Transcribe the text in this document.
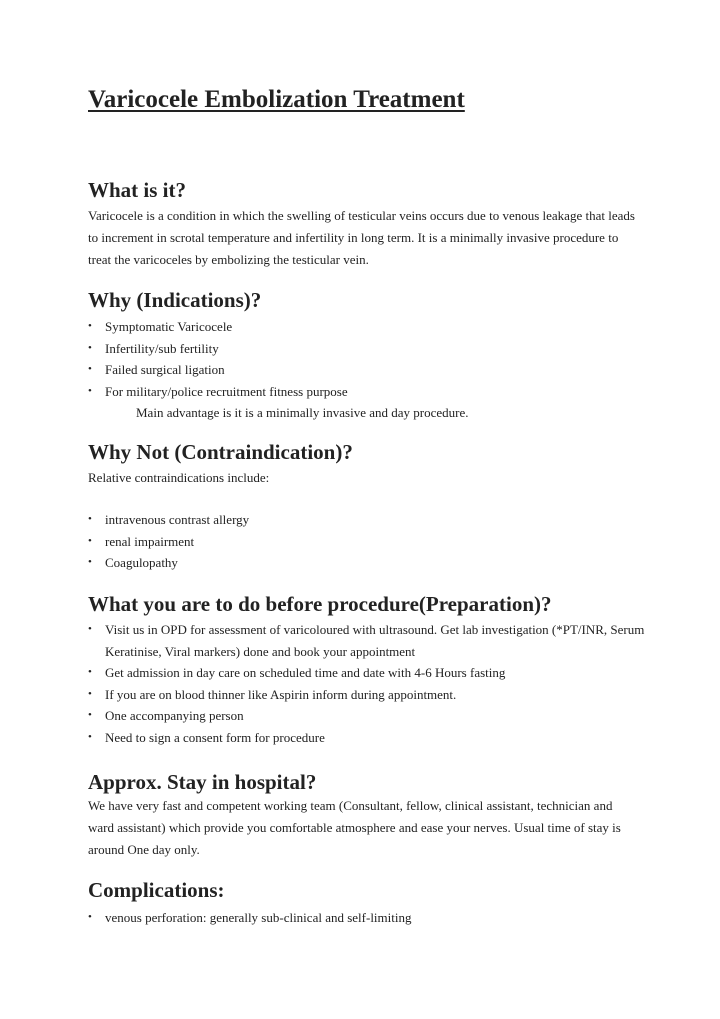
Varicocele Embolization Treatment
What is it?

Varicocele is a condition in which the swelling of testicular veins occurs due to venous leakage that leads to increment in scrotal temperature and infertility in long term. It is a minimally invasive procedure to treat the varicoceles by embolizing the testicular vein.

Why (Indications)?
• Symptomatic Varicocele
• Infertility/sub fertility
• Failed surgical ligation
• For military/police recruitment fitness purpose

Main advantage is it is a minimally invasive and day procedure.

Why Not (Contraindication)?

Relative contraindications include:

• intravenous contrast allergy
• renal impairment
• Coagulopathy
What you are to do before procedure(Preparation)?
• Visit us in OPD for assessment of varicoloured with ultrasound. Get lab investigation (*PT/INR, Serum Keratinise, Viral markers) done and book your appointment
• Get admission in day care on scheduled time and date with 4-6 Hours fasting
• If you are on blood thinner like Aspirin inform during appointment.
• One accompanying person
• Need to sign a consent form for procedure
Approx. Stay in hospital?

We have very fast and competent working team (Consultant, fellow, clinical assistant, technician and ward assistant) which provide you comfortable atmosphere and ease your nerves. Usual time of stay is around One day only.

Complications:
• venous perforation: generally sub-clinical and self-limiting
